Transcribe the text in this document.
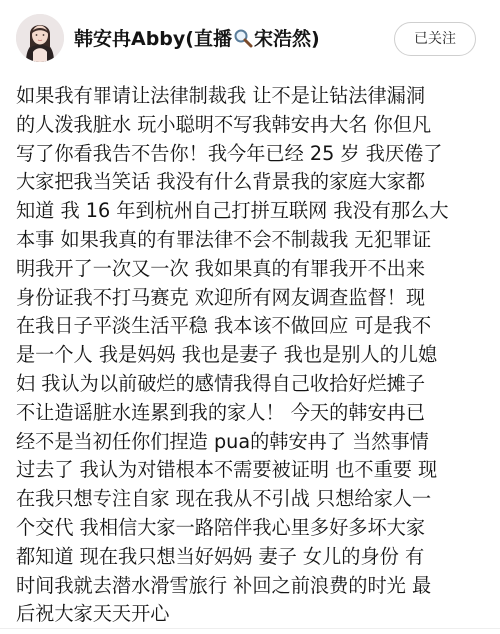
韩安冉Abby(直播 宋浩然)	已关注
如果我有罪请让法律制裁我 让不是让钻法律漏洞
的人泼我脏水 玩小聪明不写我韩安冉大名 你但凡
写了你看我告不告你！我今年已经 25 岁 我厌倦了
大家把我当笑话 我没有什么背景我的家庭大家都
知道 我 16 年到杭州自己打拼互联网 我没有那么大
本事 如果我真的有罪法律不会不制裁我 无犯罪证
明我开了一次又一次 我如果真的有罪我开不出来
身份证我不打马赛克 欢迎所有网友调查监督！现
在我日子平淡生活平稳 我本该不做回应 可是我不
是一个人 我是妈妈 我也是妻子 我也是别人的儿媳
妇 我认为以前破烂的感情我得自己收拾好烂摊子
不让造谣脏水连累到我的家人！ 今天的韩安冉已
经不是当初任你们捏造 pua的韩安冉了 当然事情
过去了 我认为对错根本不需要被证明 也不重要 现
在我只想专注自家 现在我从不引战 只想给家人一
个交代 我相信大家一路陪伴我心里多好多坏大家
都知道 现在我只想当好妈妈 妻子 女儿的身份 有
时间我就去潜水滑雪旅行 补回之前浪费的时光 最
后祝大家天天开心
